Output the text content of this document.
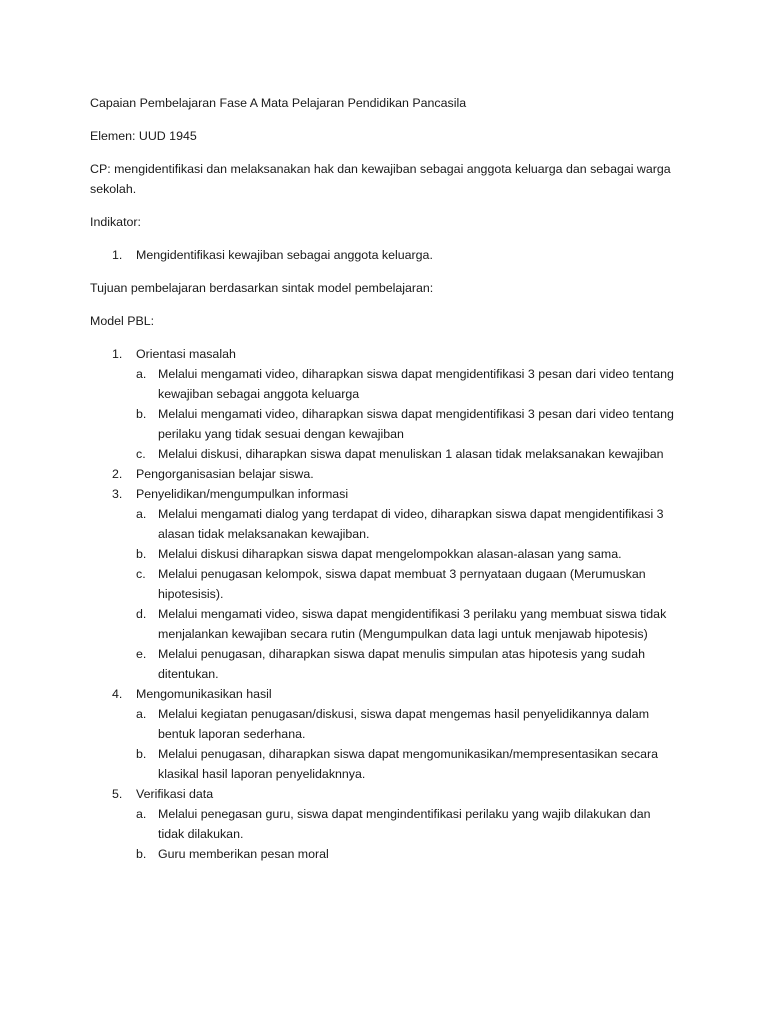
Capaian Pembelajaran Fase A Mata Pelajaran Pendidikan Pancasila

Elemen: UUD 1945

CP: mengidentifikasi dan melaksanakan hak dan kewajiban sebagai anggota keluarga dan sebagai warga sekolah.

Indikator:

1. Mengidentifikasi kewajiban sebagai anggota keluarga.

Tujuan pembelajaran berdasarkan sintak model pembelajaran:

Model PBL:

1. Orientasi masalah
a. Melalui mengamati video, diharapkan siswa dapat mengidentifikasi 3 pesan dari video tentang kewajiban sebagai anggota keluarga
b. Melalui mengamati video, diharapkan siswa dapat mengidentifikasi 3 pesan dari video tentang perilaku yang tidak sesuai dengan kewajiban
c. Melalui diskusi, diharapkan siswa dapat menuliskan 1 alasan tidak melaksanakan kewajiban
2. Pengorganisasian belajar siswa.
3. Penyelidikan/mengumpulkan informasi
a. Melalui mengamati dialog yang terdapat di video, diharapkan siswa dapat mengidentifikasi 3 alasan tidak melaksanakan kewajiban.
b. Melalui diskusi diharapkan siswa dapat mengelompokkan alasan-alasan yang sama.
c. Melalui penugasan kelompok, siswa dapat membuat 3 pernyataan dugaan (Merumuskan hipotesisis).
d. Melalui mengamati video, siswa dapat mengidentifikasi 3 perilaku yang membuat siswa tidak menjalankan kewajiban secara rutin (Mengumpulkan data lagi untuk menjawab hipotesis)
e. Melalui penugasan, diharapkan siswa dapat menulis simpulan atas hipotesis yang sudah ditentukan.
4. Mengomunikasikan hasil
a. Melalui kegiatan penugasan/diskusi, siswa dapat mengemas hasil penyelidikannya dalam bentuk laporan sederhana.
b. Melalui penugasan, diharapkan siswa dapat mengomunikasikan/mempresentasikan secara klasikal hasil laporan penyelidaknnya.
5. Verifikasi data
a. Melalui penegasan guru, siswa dapat mengindentifikasi perilaku yang wajib dilakukan dan tidak dilakukan.
b. Guru memberikan pesan moral
